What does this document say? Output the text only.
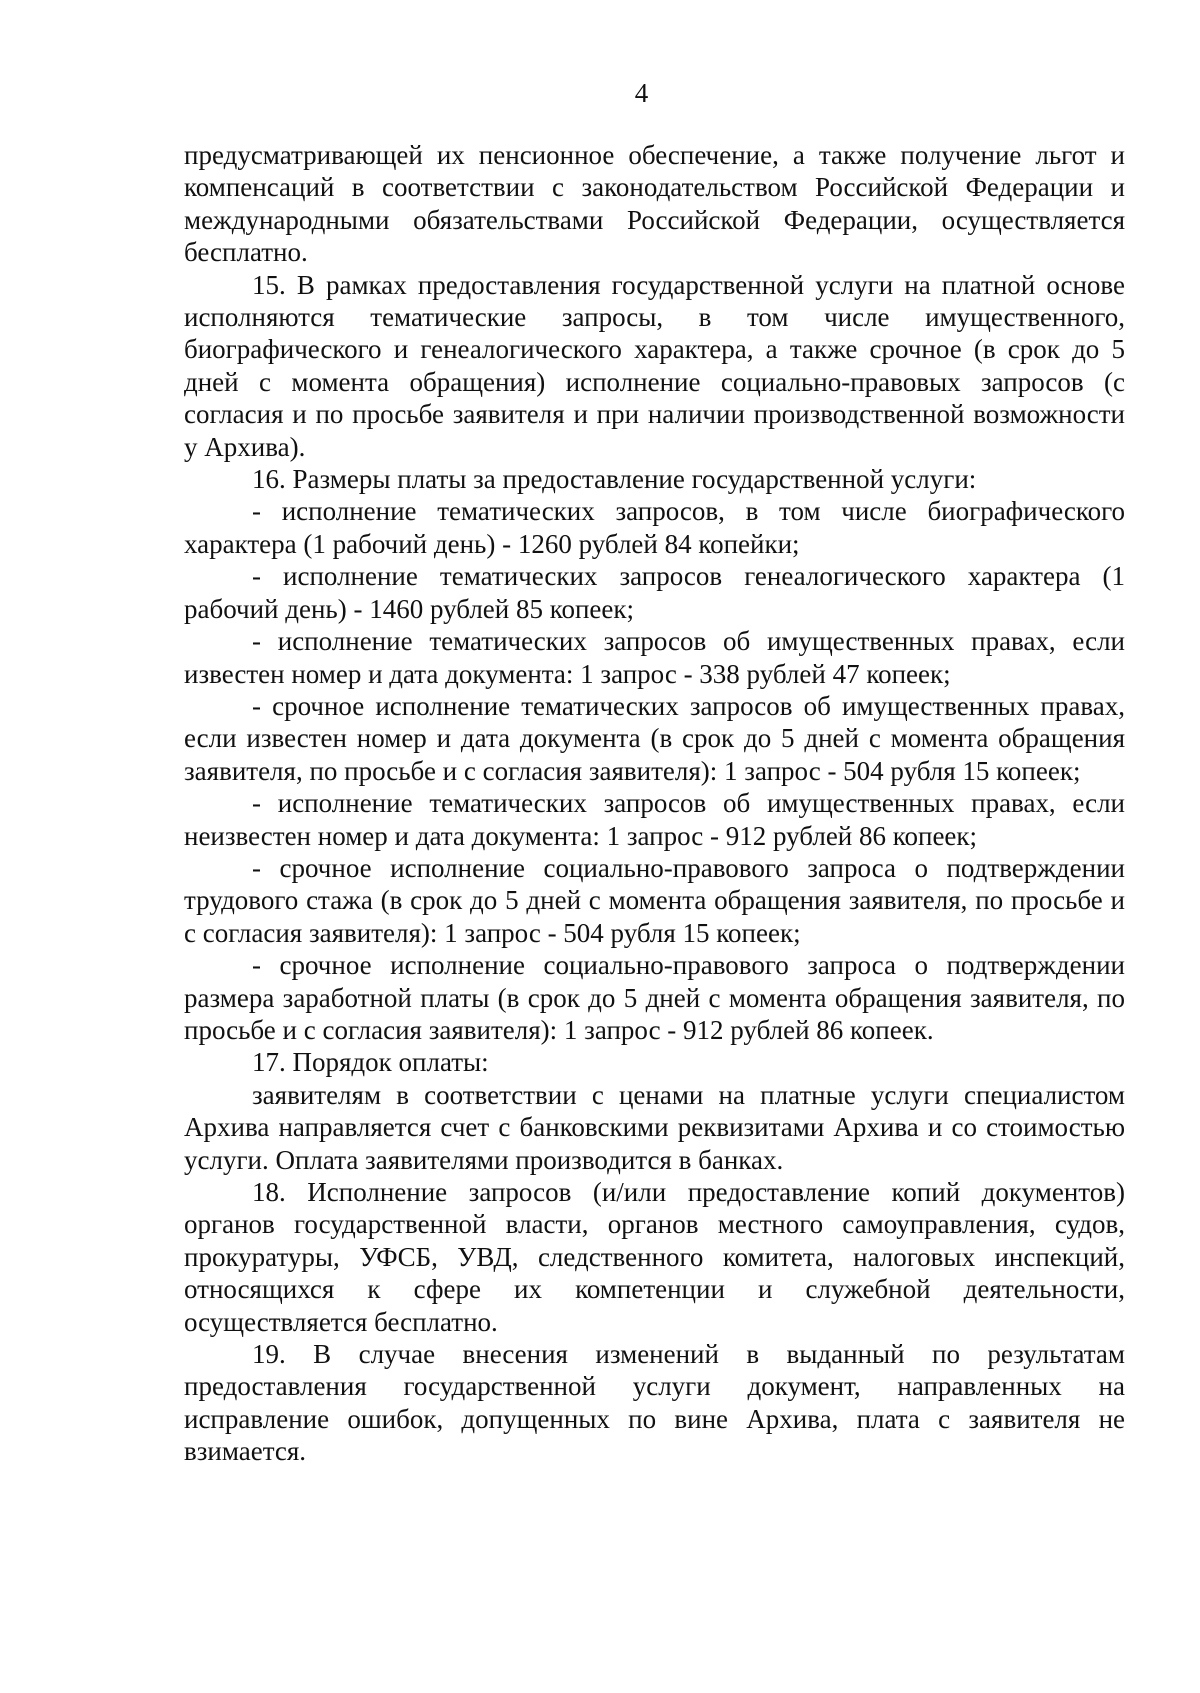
4

предусматривающей их пенсионное обеспечение, а также получение льгот и компенсаций в соответствии с законодательством Российской Федерации и международными обязательствами Российской Федерации, осуществляется бесплатно.

15. В рамках предоставления государственной услуги на платной основе исполняются тематические запросы, в том числе имущественного, биографического и генеалогического характера, а также срочное (в срок до 5 дней с момента обращения) исполнение социально-правовых запросов (с согласия и по просьбе заявителя и при наличии производственной возможности у Архива).

16. Размеры платы за предоставление государственной услуги:

- исполнение тематических запросов, в том числе биографического характера (1 рабочий день) - 1260 рублей 84 копейки;

- исполнение тематических запросов генеалогического характера (1 рабочий день) - 1460 рублей 85 копеек;

- исполнение тематических запросов об имущественных правах, если известен номер и дата документа: 1 запрос - 338 рублей 47 копеек;

- срочное исполнение тематических запросов об имущественных правах, если известен номер и дата документа (в срок до 5 дней с момента обращения заявителя, по просьбе и с согласия заявителя): 1 запрос - 504 рубля 15 копеек;

- исполнение тематических запросов об имущественных правах, если неизвестен номер и дата документа: 1 запрос - 912 рублей 86 копеек;

- срочное исполнение социально-правового запроса о подтверждении трудового стажа (в срок до 5 дней с момента обращения заявителя, по просьбе и с согласия заявителя): 1 запрос - 504 рубля 15 копеек;

- срочное исполнение социально-правового запроса о подтверждении размера заработной платы (в срок до 5 дней с момента обращения заявителя, по просьбе и с согласия заявителя): 1 запрос - 912 рублей 86 копеек.

17. Порядок оплаты:

заявителям в соответствии с ценами на платные услуги специалистом Архива направляется счет с банковскими реквизитами Архива и со стоимостью услуги. Оплата заявителями производится в банках.

18. Исполнение запросов (и/или предоставление копий документов) органов государственной власти, органов местного самоуправления, судов, прокуратуры, УФСБ, УВД, следственного комитета, налоговых инспекций, относящихся к сфере их компетенции и служебной деятельности, осуществляется бесплатно.

19. В случае внесения изменений в выданный по результатам предоставления государственной услуги документ, направленных на исправление ошибок, допущенных по вине Архива, плата с заявителя не взимается.
